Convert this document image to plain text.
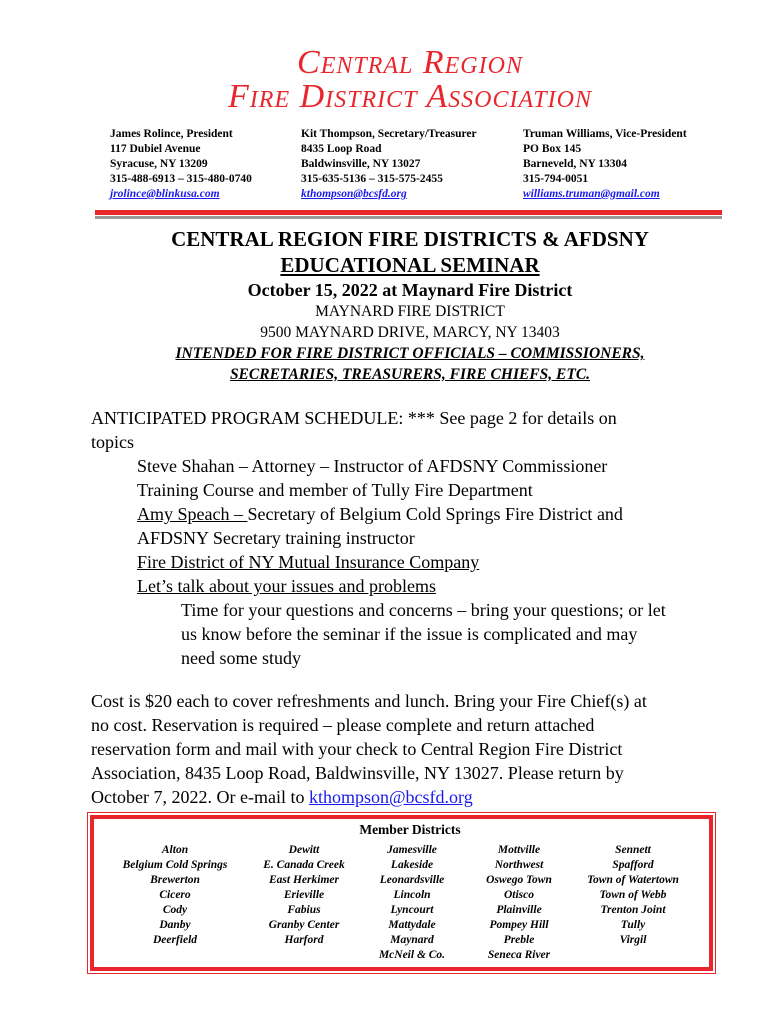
Central Region
Fire District Association
James Rolince, President
117 Dubiel Avenue
Syracuse, NY 13209
315-488-6913 – 315-480-0740
jrolince@blinkusa.com
Kit Thompson, Secretary/Treasurer
8435 Loop Road
Baldwinsville, NY 13027
315-635-5136 – 315-575-2455
kthompson@bcsfd.org
Truman Williams, Vice-President
PO Box 145
Barneveld, NY 13304
315-794-0051
williams.truman@gmail.com
CENTRAL REGION FIRE DISTRICTS & AFDSNY
EDUCATIONAL SEMINAR
October 15, 2022 at Maynard Fire District
MAYNARD FIRE DISTRICT
9500 MAYNARD DRIVE, MARCY, NY 13403
INTENDED FOR FIRE DISTRICT OFFICIALS – COMMISSIONERS,
SECRETARIES, TREASURERS, FIRE CHIEFS, ETC.
ANTICIPATED PROGRAM SCHEDULE: *** See page 2 for details on
topics
Steve Shahan – Attorney – Instructor of AFDSNY Commissioner
Training Course and member of Tully Fire Department
Amy Speach – Secretary of Belgium Cold Springs Fire District and
AFDSNY Secretary training instructor
Fire District of NY Mutual Insurance Company
Let’s talk about your issues and problems
Time for your questions and concerns – bring your questions; or let
us know before the seminar if the issue is complicated and may
need some study
Cost is $20 each to cover refreshments and lunch. Bring your Fire Chief(s) at
no cost. Reservation is required – please complete and return attached
reservation form and mail with your check to Central Region Fire District
Association, 8435 Loop Road, Baldwinsville, NY 13027. Please return by
October 7, 2022. Or e-mail to kthompson@bcsfd.org
Member Districts
Alton
Belgium Cold Springs
Brewerton
Cicero
Cody
Danby
Deerfield
Dewitt
E. Canada Creek
East Herkimer
Erieville
Fabius
Granby Center
Harford
Jamesville
Lakeside
Leonardsville
Lincoln
Lyncourt
Mattydale
Maynard
McNeil & Co.
Mottville
Northwest
Oswego Town
Otisco
Plainville
Pompey Hill
Preble
Seneca River
Sennett
Spafford
Town of Watertown
Town of Webb
Trenton Joint
Tully
Virgil
